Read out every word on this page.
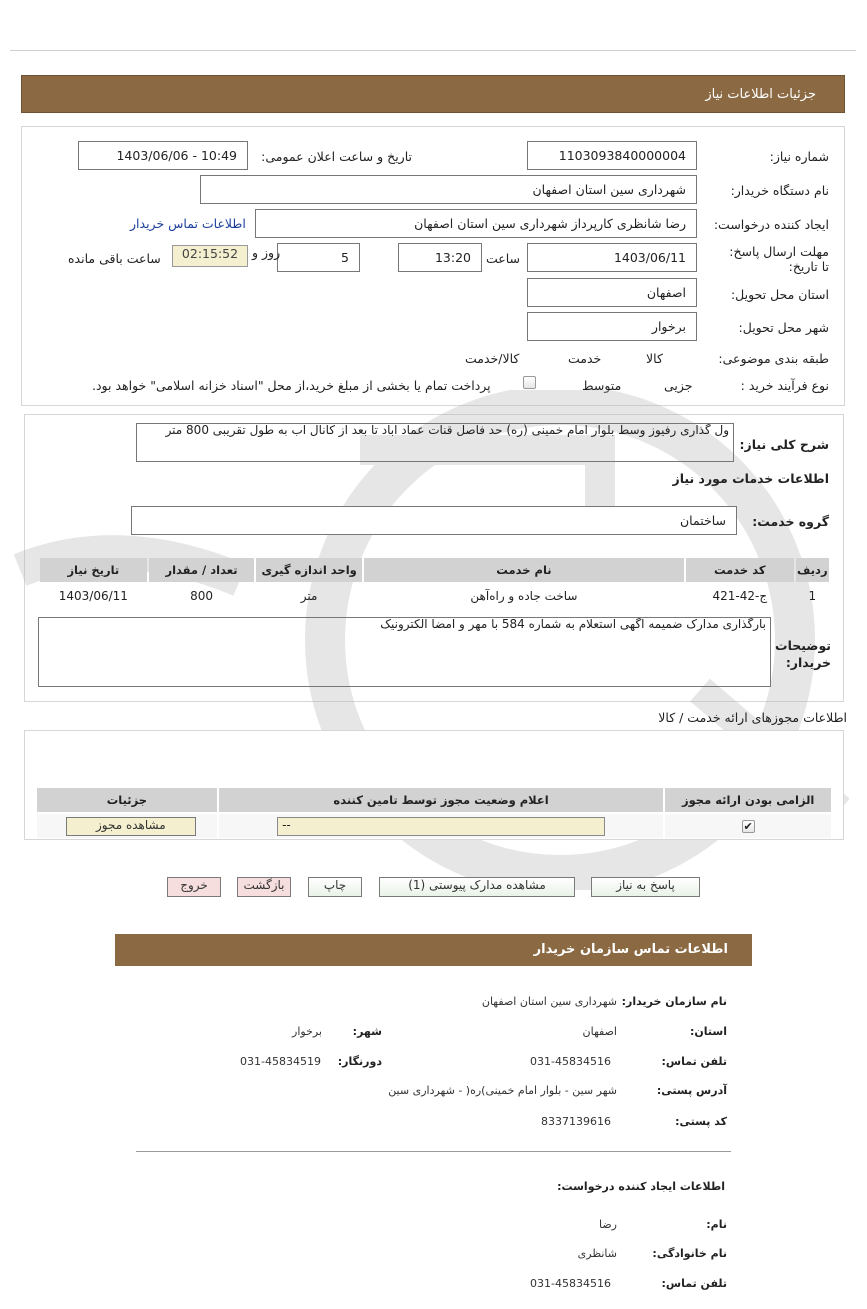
جزئیات اطلاعات نیاز
شماره نیاز:
1103093840000004
تاریخ و ساعت اعلان عمومی:
1403/06/06 - 10:49
نام دستگاه خریدار:
شهرداری سین استان اصفهان
ایجاد کننده درخواست:
رضا شانظری کارپرداز شهرداری سین استان اصفهان
اطلاعات تماس خریدار
مهلت ارسال پاسخ: تا تاریخ:
1403/06/11
ساعت
13:20
5
روز و
02:15:52
ساعت باقی مانده
استان محل تحویل:
اصفهان
شهر محل تحویل:
برخوار
طبقه بندی موضوعی:
کالا
خدمت
کالا/خدمت
نوع فرآیند خرید :
جزیی
متوسط
پرداخت تمام یا بخشی از مبلغ خرید،از محل "اسناد خزانه اسلامی" خواهد بود.
شرح کلی نیاز:
ول گذاری رفیوز وسط بلوار امام خمینی (ره) حد فاصل قنات عماد اباد تا بعد از کانال اب به طول تقریبی 800 متر
اطلاعات خدمات مورد نیاز
گروه خدمت:
ساختمان
ردیف	کد خدمت	نام خدمت	واحد اندازه گیری	تعداد / مقدار	تاریخ نیاز
1	ج-42-421	ساخت جاده و راه‌آهن	متر	800	1403/06/11
توضیحات خریدار:
بارگذاری مدارک ضمیمه آگهی استعلام به شماره 584 با مهر و امضا الکترونیک
اطلاعات مجوزهای ارائه خدمت / کالا
الزامی بودن ارائه مجوز	اعلام وضعیت مجوز توسط تامین کننده	جزئیات
✔	--	مشاهده مجوز
پاسخ به نیاز
مشاهده مدارک پیوستی (1)
چاپ
بازگشت
خروج
اطلاعات تماس سازمان خریدار
نام سازمان خریدار:
شهرداری سین استان اصفهان
استان:
اصفهان
شهر:
برخوار
تلفن تماس:
031-45834516
دورنگار:
031-45834519
آدرس پستی:
شهر سین - بلوار امام خمینی)ره( - شهرداری سین
کد پستی:
8337139616
اطلاعات ایجاد کننده درخواست:
نام:
رضا
نام خانوادگی:
شانظری
تلفن تماس:
031-45834516
